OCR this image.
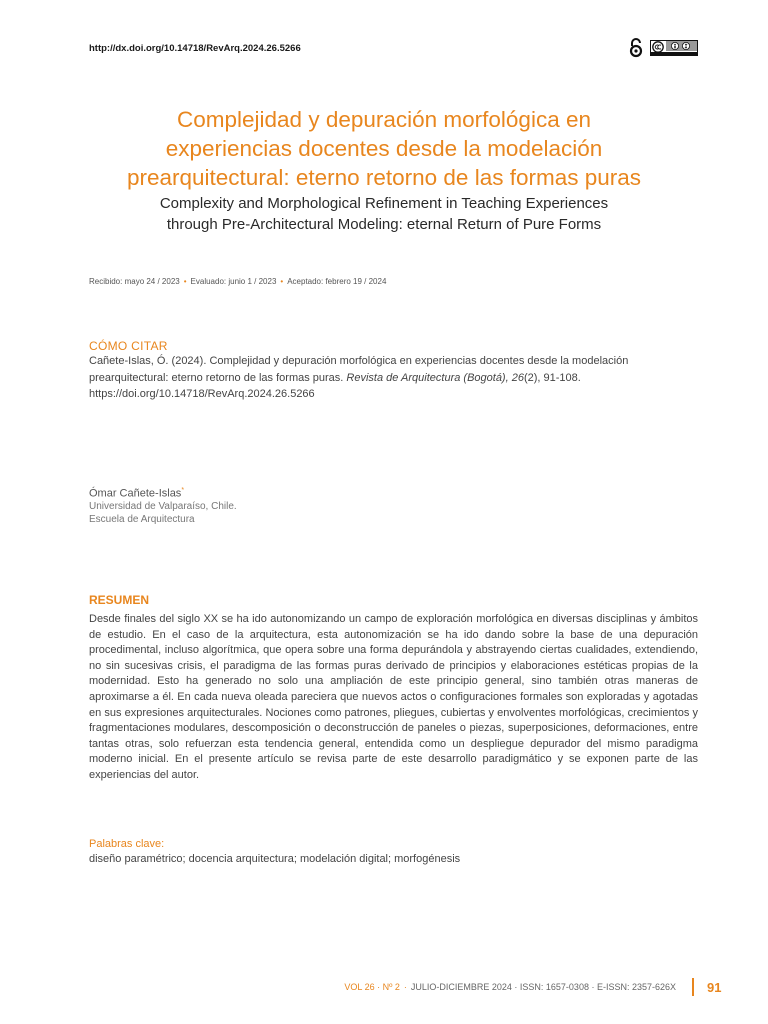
http://dx.doi.org/10.14718/RevArq.2024.26.5266
Complejidad y depuración morfológica en
experiencias docentes desde la modelación
prearquitectural: eterno retorno de las formas puras
Complexity and Morphological Refinement in Teaching Experiences
through Pre-Architectural Modeling: eternal Return of Pure Forms
Recibido: mayo 24 / 2023 • Evaluado: junio 1 / 2023 • Aceptado: febrero 19 / 2024
CÓMO CITAR
Cañete-Islas, Ó. (2024). Complejidad y depuración morfológica en experiencias docentes desde la modelación prearquitectural: eterno retorno de las formas puras. Revista de Arquitectura (Bogotá), 26(2), 91-108. https://doi.org/10.14718/RevArq.2024.26.5266
Ómar Cañete-Islas*
Universidad de Valparaíso, Chile.
Escuela de Arquitectura
RESUMEN
Desde finales del siglo XX se ha ido autonomizando un campo de exploración morfológica en diversas disciplinas y ámbitos de estudio. En el caso de la arquitectura, esta autonomización se ha ido dando sobre la base de una depuración procedimental, incluso algorítmica, que opera sobre una forma depurándola y abstrayendo ciertas cualidades, extendiendo, no sin sucesivas crisis, el paradigma de las formas puras derivado de principios y elaboraciones estéticas propias de la modernidad. Esto ha generado no solo una ampliación de este principio general, sino también otras maneras de aproximarse a él. En cada nueva oleada pareciera que nuevos actos o configuraciones formales son exploradas y agotadas en sus expresiones arquitecturales. Nociones como patrones, pliegues, cubiertas y envolventes morfológicas, crecimientos y fragmentaciones modulares, descomposición o deconstrucción de paneles o piezas, superposiciones, deformaciones, entre tantas otras, solo refuerzan esta tendencia general, entendida como un despliegue depurador del mismo paradigma moderno inicial. En el presente artículo se revisa parte de este desarrollo paradigmático y se exponen parte de las experiencias del autor.
Palabras clave:
diseño paramétrico; docencia arquitectura; modelación digital; morfogénesis
VOL 26 · Nº 2 · JULIO-DICIEMBRE 2024 · ISSN: 1657-0308 · E-ISSN: 2357-626X 91
